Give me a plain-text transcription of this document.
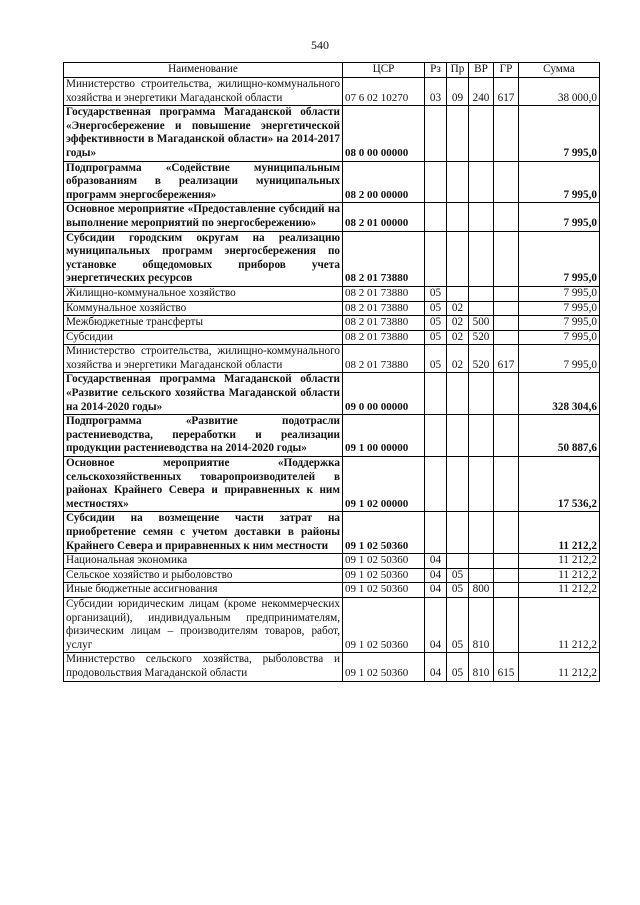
540
Наименование	ЦСР	Рз	Пр	ВР	ГР	Сумма
Министерство строительства, жилищно-коммунального хозяйства и энергетики Магаданской области	07 6 02 10270	03	09	240	617	38 000,0
Государственная программа Магаданской области «Энергосбережение и повышение энергетической эффективности в Магаданской области» на 2014-2017 годы»	08 0 00 00000					7 995,0
Подпрограмма «Содействие муниципальным образованиям в реализации муниципальных программ энергосбережения»	08 2 00 00000					7 995,0
Основное мероприятие «Предоставление субсидий на выполнение мероприятий по энергосбережению»	08 2 01 00000					7 995,0
Субсидии городским округам на реализацию муниципальных программ энергосбережения по установке общедомовых приборов учета энергетических ресурсов	08 2 01 73880					7 995,0
Жилищно-коммунальное хозяйство	08 2 01 73880	05				7 995,0
Коммунальное хозяйство	08 2 01 73880	05	02			7 995,0
Межбюджетные трансферты	08 2 01 73880	05	02	500		7 995,0
Субсидии	08 2 01 73880	05	02	520		7 995,0
Министерство строительства, жилищно-коммунального хозяйства и энергетики Магаданской области	08 2 01 73880	05	02	520	617	7 995,0
Государственная программа Магаданской области «Развитие сельского хозяйства Магаданской области на 2014-2020 годы»	09 0 00 00000					328 304,6
Подпрограмма «Развитие подотрасли растениеводства, переработки и реализации продукции растениеводства на 2014-2020 годы»	09 1 00 00000					50 887,6
Основное мероприятие «Поддержка сельскохозяйственных товаропроизводителей в районах Крайнего Севера и приравненных к ним местностях»	09 1 02 00000					17 536,2
Субсидии на возмещение части затрат на приобретение семян с учетом доставки в районы Крайнего Севера и приравненных к ним местности	09 1 02 50360					11 212,2
Национальная экономика	09 1 02 50360	04				11 212,2
Сельское хозяйство и рыболовство	09 1 02 50360	04	05			11 212,2
Иные бюджетные ассигнования	09 1 02 50360	04	05	800		11 212,2
Субсидии юридическим лицам (кроме некоммерческих организаций), индивидуальным предпринимателям, физическим лицам – производителям товаров, работ, услуг	09 1 02 50360	04	05	810		11 212,2
Министерство сельского хозяйства, рыболовства и продовольствия Магаданской области	09 1 02 50360	04	05	810	615	11 212,2
